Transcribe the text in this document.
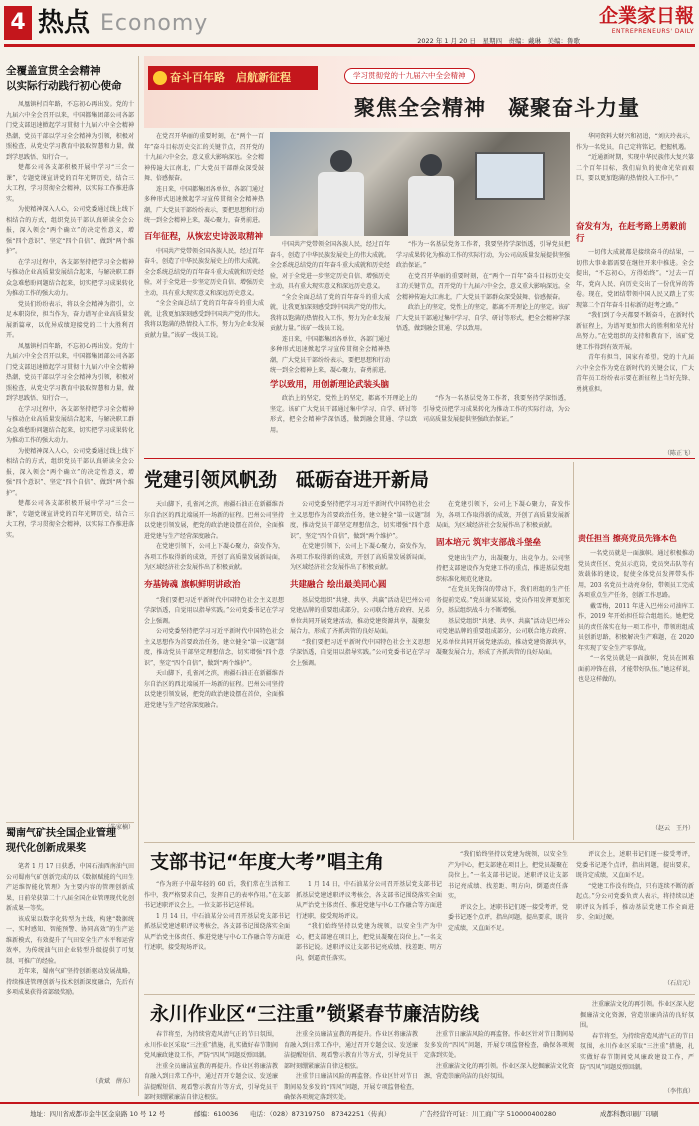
4 热点 Economy	企業家日報
ENTREPRENEURS' DAILY
2022 年 1 月 20 日　星期四　责编：戴琳　美编：鲁歌
全覆盖宣贯全会精神
以实际行动践行初心使命

凤凰镇村百年路，不忘初心再出发。党的十九届六中全会召开以来，中国都集团部公司各部门党支部迅速掀起学习贯彻十九届六中全会精神热潮，党员干部以学习全会精神为引领，积极对照检查，从党史学习教育中汲取智慧和力量，做到学思践悟、知行合一。

楚都公司各支部积极开展中学习“三会一课”，专题党课宣讲党的百年光辉历史，结合三大工程，学习贯彻全会精神，以实际工作推进落实。

为使精神深入人心，公司党委通过线上线下相结合的方式，组织党员干部认真研读全会公报，深入领会“两个确立”的决定性意义，增强“四个意识”、坚定“四个自信”、做到“两个维护”。

在学习过程中，各支部坚持把学习全会精神与推动企业高质量发展结合起来，与解决职工群众急难愁盼问题结合起来，切实把学习成果转化为推动工作的强大动力。

党员们纷纷表示，将以全会精神为指引，立足本职岗位，担当作为，奋力谱写企业高质量发展新篇章，以优异成绩迎接党的二十大胜利召开。

凤凰镇村百年路，不忘初心再出发。党的十九届六中全会召开以来，中国都集团部公司各部门党支部迅速掀起学习贯彻十九届六中全会精神热潮，党员干部以学习全会精神为引领，积极对照检查，从党史学习教育中汲取智慧和力量，做到学思践悟、知行合一。

在学习过程中，各支部坚持把学习全会精神与推动企业高质量发展结合起来，与解决职工群众急难愁盼问题结合起来，切实把学习成果转化为推动工作的强大动力。

为使精神深入人心，公司党委通过线上线下相结合的方式，组织党员干部认真研读全会公报，深入领会“两个确立”的决定性意义，增强“四个意识”、坚定“四个自信”、做到“两个维护”。

楚都公司各支部积极开展中学习“三会一课”，专题党课宣讲党的百年光辉历史，结合三大工程，学习贯彻全会精神，以实际工作推进落实。

（朱家楠）
蜀南气矿扶全国企业管理
现代化创新成果奖

笔者 1 月 17 日获悉，中国石油西南油气田公司蜀南气矿创新完成的以《数据赋能的气田生产运维智能化管理》为主要内容的管理创新成果，日前荣获第二十八届全国企业管理现代化创新成果一等奖。

该成果以数字化转型为主线，构建“数据统一、实时感知、智能预警、协同高效”的生产运维新模式，有效提升了气田安全生产水平和运营效率，为传统油气田企业转型升级提供了可复制、可推广的经验。

近年来，蜀南气矿坚持创新驱动发展战略，持续推进管理创新与技术创新深度融合，先后有多项成果获得省部级奖励。

（黄斌　薛东）
奋斗百年路　启航新征程	学习贯彻党的十九届六中全会精神
聚焦全会精神　凝聚奋斗力量

在党召开华丽的重要时刻，在“两个一百年”奋斗目标历史交汇的关键节点，召开党的十九届六中全会，意义重大影响深远。全会精神传遍大江南北，广大党员干部群众深受鼓舞、倍感振奋。

连日来，中国都集团各单位、各部门通过多种形式迅速掀起学习宣传贯彻全会精神热潮，广大党员干部纷纷表示，要把思想和行动统一到全会精神上来，凝心聚力，奋勇前进。

百年征程，从恢宏史诗汲取精神

中国共产党带领全国各族人民，经过百年奋斗，创造了中华民族发展史上的伟大成就。全会系统总结党的百年奋斗重大成就和历史经验，对于全党进一步坚定历史自信、增强历史主动，具有重大现实意义和深远历史意义。

“全会全面总结了党的百年奋斗的重大成就，让我更加深刻感受到中国共产党的伟大。我将以饱满的热情投入工作，努力为企业发展贡献力量。”该矿一线员工说。

中国共产党带领全国各族人民，经过百年奋斗，创造了中华民族发展史上的伟大成就。全会系统总结党的百年奋斗重大成就和历史经验，对于全党进一步坚定历史自信、增强历史主动，具有重大现实意义和深远历史意义。

“全会全面总结了党的百年奋斗的重大成就，让我更加深刻感受到中国共产党的伟大。我将以饱满的热情投入工作，努力为企业发展贡献力量。”该矿一线员工说。

连日来，中国都集团各单位、各部门通过多种形式迅速掀起学习宣传贯彻全会精神热潮，广大党员干部纷纷表示，要把思想和行动统一到全会精神上来，凝心聚力，奋勇前进。

“作为一名基层党务工作者，我要坚持学深悟透，引导党员把学习成果转化为推动工作的实际行动，为公司高质量发展提供坚强政治保证。”

在党召开华丽的重要时刻，在“两个一百年”奋斗目标历史交汇的关键节点，召开党的十九届六中全会，意义重大影响深远。全会精神传遍大江南北，广大党员干部群众深受鼓舞、倍感振奋。

政治上的坚定，党性上的坚定，都离不开理论上的坚定。该矿广大党员干部通过集中学习、自学、研讨等形式，把全会精神学深悟透，做到融会贯通、学以致用。

学以致用，用创新理论武装头脑

政治上的坚定，党性上的坚定，都离不开理论上的坚定。该矿广大党员干部通过集中学习、自学、研讨等形式，把全会精神学深悟透，做到融会贯通、学以致用。

“作为一名基层党务工作者，我要坚持学深悟透，引导党员把学习成果转化为推动工作的实际行动，为公司高质量发展提供坚强政治保证。”

华同资料大财兴和初追，“刘庆玲表示，作为一名党员，自己定将铭记，把握机遇。

“近通新时期，实现中华民族伟大复兴第二个百年目标，我们肩负的使命光荣而艰巨，要以更加饱满的热情投入工作中。”

奋发有为，在赶考路上勇毅前行

一切伟大成就都是接续奋斗的结果，一切伟大事业都需要在继往开来中推进。全会提出，“不忘初心，方得始终”。“过去一百年，党向人民、向历史交出了一份优异的答卷。现在，党团结带领中国人民又踏上了实现第二个百年奋斗目标新的赶考之路。”

“我们到了今天都要不断奋斗，在新时代新征程上，为谱写更加伟大的胜利和荣光付出努力。”在党组织的支持和教育下，该矿党建工作得到有效开展。

青年有担当，国家有希望。党的十九届六中全会作为党在新时代的关键会议，广大青年员工纷纷表示要在新征程上当好先锋、勇挑重担。

（陈正飞）
党建引领风帆劲　砥砺奋进开新局

天山脚下，孔雀河之滨，南疆石油正在新疆维吾尔自治区的西北端展开一场新的征程。巴州公司坚持以党建引领发展，把党的政治建设摆在首位，全面推进党建与生产经营深度融合。

在党建引领下，公司上下凝心聚力，奋发作为，各项工作取得新的成效，开创了高质量发展新局面，为区域经济社会发展作出了积极贡献。

夯基铸魂 旗帜鲜明讲政治

“我们要把习近平新时代中国特色社会主义思想学深悟透，自觉用以指导实践。”公司党委书记在学习会上强调。

公司党委坚持把学习习近平新时代中国特色社会主义思想作为首要政治任务，建立健全“第一议题”制度，推动党员干部坚定理想信念，切实增强“四个意识”，坚定“四个自信”，做到“两个维护”。

天山脚下，孔雀河之滨，南疆石油正在新疆维吾尔自治区的西北端展开一场新的征程。巴州公司坚持以党建引领发展，把党的政治建设摆在首位，全面推进党建与生产经营深度融合。

公司党委坚持把学习习近平新时代中国特色社会主义思想作为首要政治任务，建立健全“第一议题”制度，推动党员干部坚定理想信念，切实增强“四个意识”，坚定“四个自信”，做到“两个维护”。

在党建引领下，公司上下凝心聚力，奋发作为，各项工作取得新的成效，开创了高质量发展新局面，为区域经济社会发展作出了积极贡献。

共建融合 绘出最美同心圆

基层党组织“共建、共享、共赢”活动是巴州公司党建品牌的重要组成部分，公司联合地方政府、兄弟单位共同开展党建活动，推动党建资源共享，凝聚发展合力，形成了齐抓共管的良好局面。

“我们要把习近平新时代中国特色社会主义思想学深悟透，自觉用以指导实践。”公司党委书记在学习会上强调。

在党建引领下，公司上下凝心聚力，奋发作为，各项工作取得新的成效，开创了高质量发展新局面，为区域经济社会发展作出了积极贡献。

固本培元 筑牢支部战斗堡垒

党建出生产力，出凝聚力，出竞争力。公司坚持把支部建设作为党建工作的重点，推进基层党组织标准化规范化建设。

“在党员先锋岗的带动下，我们班组的生产任务提前完成。”党员谢某某说，党员作用发挥更加充分，基层组织战斗力不断增强。

基层党组织“共建、共享、共赢”活动是巴州公司党建品牌的重要组成部分，公司联合地方政府、兄弟单位共同开展党建活动，推动党建资源共享，凝聚发展合力，形成了齐抓共管的良好局面。

责任担当 擦亮党员先锋本色

一名党员就是一面旗帜。通过积极推动党员责任区、党员示范岗，党员突击队等有效载体的建设，促使全体党员发挥带头作用，203 名党员主动亮身份，带领员工完成各项重点生产任务，创新工作思路。

戴雪梅，2011 年进入巴州公司油库工作，2019 年开始担任综合组组长。她把党员的责任落实在每一项工作中，带领班组成员创新思路，积极解决生产难题，在 2020 年实现了安全生产零事故。

“一名党员就是一面旗帜，党员在困难面前冲锋在前，才能带好队伍。”她这样说，也是这样做的。

（赵云　王丹）
支部书记“年度大考”唱主角

“作为班子中最年轻的 60 后，我们常在生活和工作中，我严格要求自己，发挥自己的表率作用。”在支部书记述职评议会上，一位支部书记这样说。

1 月 14 日，中石油某分公司召开基层党支部书记抓基层党建述职评议考核会，各支部书记围绕落实全面从严治党主体责任、推进党建与中心工作融合等方面进行述职，接受现场评议。

1 月 14 日，中石油某分公司召开基层党支部书记抓基层党建述职评议考核会，各支部书记围绕落实全面从严治党主体责任、推进党建与中心工作融合等方面进行述职，接受现场评议。

“我们始终坚持以党建为统领，以安全生产为中心，把支部建在项目上，把党员凝聚在岗位上。”一名支部书记说。述职评议让支部书记亮成绩、找差距、明方向，倒逼责任落实。

“我们始终坚持以党建为统领，以安全生产为中心，把支部建在项目上，把党员凝聚在岗位上。”一名支部书记说。述职评议让支部书记亮成绩、找差距、明方向，倒逼责任落实。

评议会上，述职书记们逐一接受考评，党委书记逐个点评，指出问题，提出要求，既肯定成绩，又直面不足。

评议会上，述职书记们逐一接受考评，党委书记逐个点评，指出问题，提出要求，既肯定成绩，又直面不足。

“党建工作没有终点，只有连续不断的新起点。”分公司党委负责人表示，将持续以述职评议为抓手，推动基层党建工作全面进步、全面过硬。

（石启元）
永川作业区“三注重”锁紧春节廉洁防线

春节将至，为持续营造风清气正的节日氛围，永川作业区采取“三注重”措施，扎实做好春节期间党风廉政建设工作，严防“四风”问题反弹回潮。

注重全员廉洁宣教的再提升。作业区将廉洁教育融入到日常工作中，通过召开专题会议、发送廉洁提醒短信、观看警示教育片等方式，引导党员干部时刻绷紧廉洁自律这根弦。

注重全员廉洁宣教的再提升。作业区将廉洁教育融入到日常工作中，通过召开专题会议、发送廉洁提醒短信、观看警示教育片等方式，引导党员干部时刻绷紧廉洁自律这根弦。

注重节日廉洁风险的再监督。作业区针对节日期间易发多发的“四风”问题，开展专项监督检查，确保各项规定落到实处。

注重节日廉洁风险的再监督。作业区针对节日期间易发多发的“四风”问题，开展专项监督检查，确保各项规定落到实处。

注重廉洁文化的再引领。作业区深入挖掘廉洁文化资源，营造崇廉尚洁的良好氛围。

注重廉洁文化的再引领。作业区深入挖掘廉洁文化资源，营造崇廉尚洁的良好氛围。

春节将至，为持续营造风清气正的节日氛围，永川作业区采取“三注重”措施，扎实做好春节期间党风廉政建设工作，严防“四风”问题反弹回潮。

（李伟真）
地址：四川省成都市金牛区金泉路 10 号 12 号	邮编：610036 电话：（028）87319750　87342251（传真）	广告经营许可证：川工商广字 510000400280	成都科教印刷厂印刷
